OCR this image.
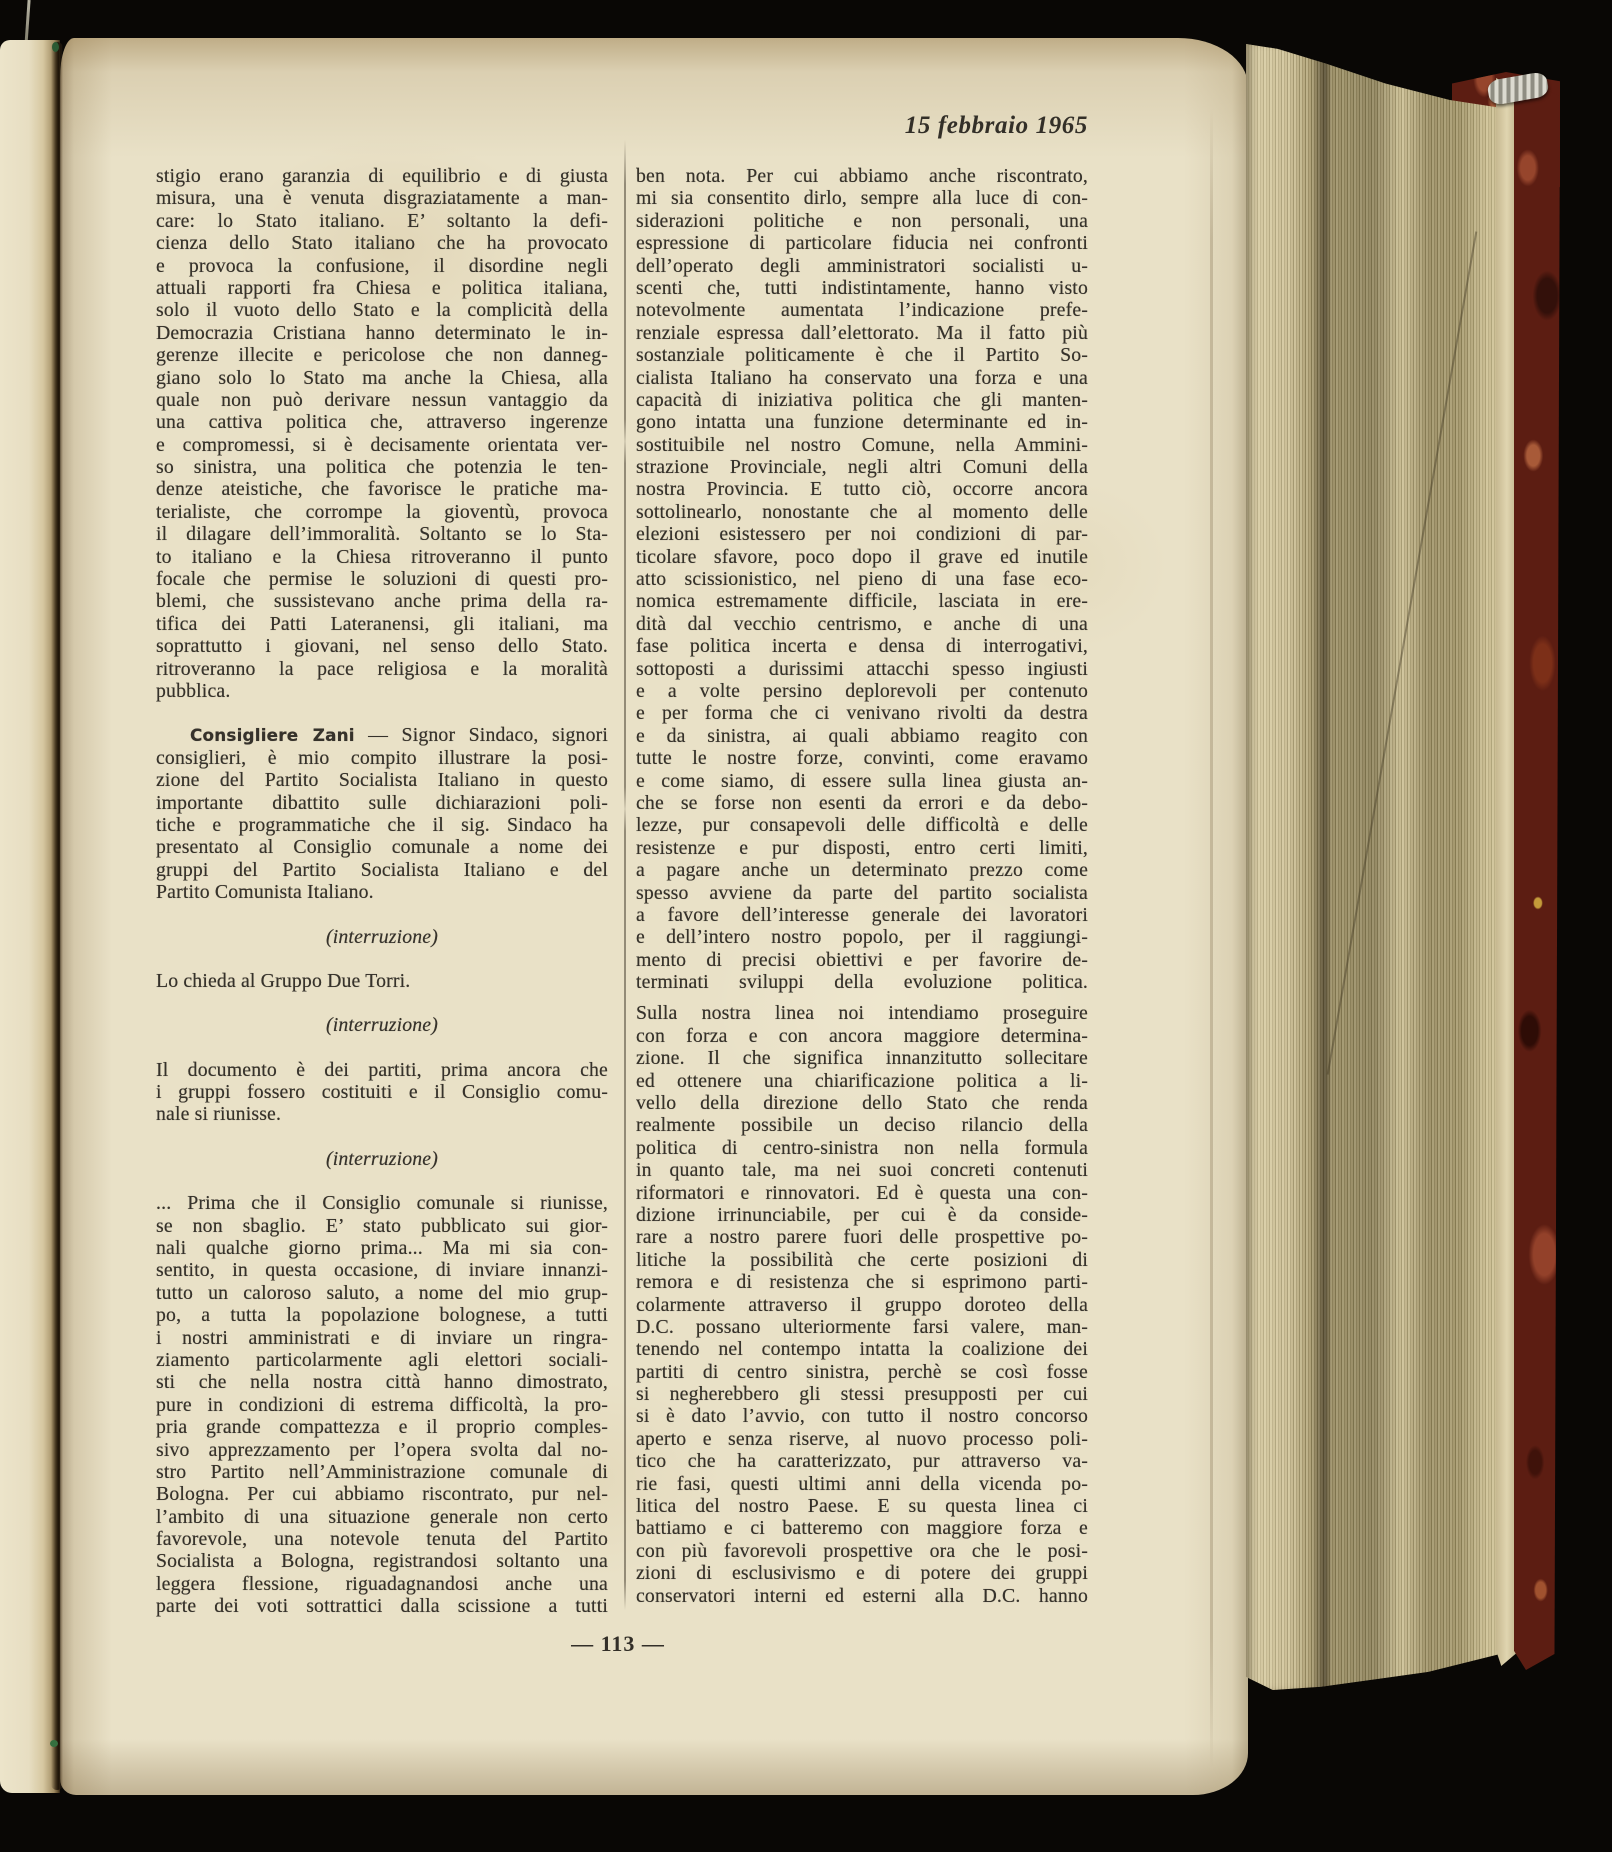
15 febbraio 1965
stigio erano garanzia di equilibrio e di giusta
misura, una è venuta disgraziatamente a man-
care: lo Stato italiano. E’ soltanto la defi-
cienza dello Stato italiano che ha provocato
e provoca la confusione, il disordine negli
attuali rapporti fra Chiesa e politica italiana,
solo il vuoto dello Stato e la complicità della
Democrazia Cristiana hanno determinato le in-
gerenze illecite e pericolose che non danneg-
giano solo lo Stato ma anche la Chiesa, alla
quale non può derivare nessun vantaggio da
una cattiva politica che, attraverso ingerenze
e compromessi, si è decisamente orientata ver-
so sinistra, una politica che potenzia le ten-
denze ateistiche, che favorisce le pratiche ma-
terialiste, che corrompe la gioventù, provoca
il dilagare dell’immoralità. Soltanto se lo Sta-
to italiano e la Chiesa ritroveranno il punto
focale che permise le soluzioni di questi pro-
blemi, che sussistevano anche prima della ra-
tifica dei Patti Lateranensi, gli italiani, ma
soprattutto i giovani, nel senso dello Stato.
ritroveranno la pace religiosa e la moralità
pubblica.
Consigliere Zani — Signor Sindaco, signori
consiglieri, è mio compito illustrare la posi-
zione del Partito Socialista Italiano in questo
importante dibattito sulle dichiarazioni poli-
tiche e programmatiche che il sig. Sindaco ha
presentato al Consiglio comunale a nome dei
gruppi del Partito Socialista Italiano e del
Partito Comunista Italiano.
(interruzione)
Lo chieda al Gruppo Due Torri.
(interruzione)
Il documento è dei partiti, prima ancora che
i gruppi fossero costituiti e il Consiglio comu-
nale si riunisse.
(interruzione)
... Prima che il Consiglio comunale si riunisse,
se non sbaglio. E’ stato pubblicato sui gior-
nali qualche giorno prima... Ma mi sia con-
sentito, in questa occasione, di inviare innanzi-
tutto un caloroso saluto, a nome del mio grup-
po, a tutta la popolazione bolognese, a tutti
i nostri amministrati e di inviare un ringra-
ziamento particolarmente agli elettori sociali-
sti che nella nostra città hanno dimostrato,
pure in condizioni di estrema difficoltà, la pro-
pria grande compattezza e il proprio comples-
sivo apprezzamento per l’opera svolta dal no-
stro Partito nell’Amministrazione comunale di
Bologna. Per cui abbiamo riscontrato, pur nel-
l’ambito di una situazione generale non certo
favorevole, una notevole tenuta del Partito
Socialista a Bologna, registrandosi soltanto una
leggera flessione, riguadagnandosi anche una
parte dei voti sottrattici dalla scissione a tutti
ben nota. Per cui abbiamo anche riscontrato,
mi sia consentito dirlo, sempre alla luce di con-
siderazioni politiche e non personali, una
espressione di particolare fiducia nei confronti
dell’operato degli amministratori socialisti u-
scenti che, tutti indistintamente, hanno visto
notevolmente aumentata l’indicazione prefe-
renziale espressa dall’elettorato. Ma il fatto più
sostanziale politicamente è che il Partito So-
cialista Italiano ha conservato una forza e una
capacità di iniziativa politica che gli manten-
gono intatta una funzione determinante ed in-
sostituibile nel nostro Comune, nella Ammini-
strazione Provinciale, negli altri Comuni della
nostra Provincia. E tutto ciò, occorre ancora
sottolinearlo, nonostante che al momento delle
elezioni esistessero per noi condizioni di par-
ticolare sfavore, poco dopo il grave ed inutile
atto scissionistico, nel pieno di una fase eco-
nomica estremamente difficile, lasciata in ere-
dità dal vecchio centrismo, e anche di una
fase politica incerta e densa di interrogativi,
sottoposti a durissimi attacchi spesso ingiusti
e a volte persino deplorevoli per contenuto
e per forma che ci venivano rivolti da destra
e da sinistra, ai quali abbiamo reagito con
tutte le nostre forze, convinti, come eravamo
e come siamo, di essere sulla linea giusta an-
che se forse non esenti da errori e da debo-
lezze, pur consapevoli delle difficoltà e delle
resistenze e pur disposti, entro certi limiti,
a pagare anche un determinato prezzo come
spesso avviene da parte del partito socialista
a favore dell’interesse generale dei lavoratori
e dell’intero nostro popolo, per il raggiungi-
mento di precisi obiettivi e per favorire de-
terminati sviluppi della evoluzione politica.
Sulla nostra linea noi intendiamo proseguire
con forza e con ancora maggiore determina-
zione. Il che significa innanzitutto sollecitare
ed ottenere una chiarificazione politica a li-
vello della direzione dello Stato che renda
realmente possibile un deciso rilancio della
politica di centro-sinistra non nella formula
in quanto tale, ma nei suoi concreti contenuti
riformatori e rinnovatori. Ed è questa una con-
dizione irrinunciabile, per cui è da conside-
rare a nostro parere fuori delle prospettive po-
litiche la possibilità che certe posizioni di
remora e di resistenza che si esprimono parti-
colarmente attraverso il gruppo doroteo della
D.C. possano ulteriormente farsi valere, man-
tenendo nel contempo intatta la coalizione dei
partiti di centro sinistra, perchè se così fosse
si negherebbero gli stessi presupposti per cui
si è dato l’avvio, con tutto il nostro concorso
aperto e senza riserve, al nuovo processo poli-
tico che ha caratterizzato, pur attraverso va-
rie fasi, questi ultimi anni della vicenda po-
litica del nostro Paese. E su questa linea ci
battiamo e ci batteremo con maggiore forza e
con più favorevoli prospettive ora che le posi-
zioni di esclusivismo e di potere dei gruppi
conservatori interni ed esterni alla D.C. hanno
— 113 —
